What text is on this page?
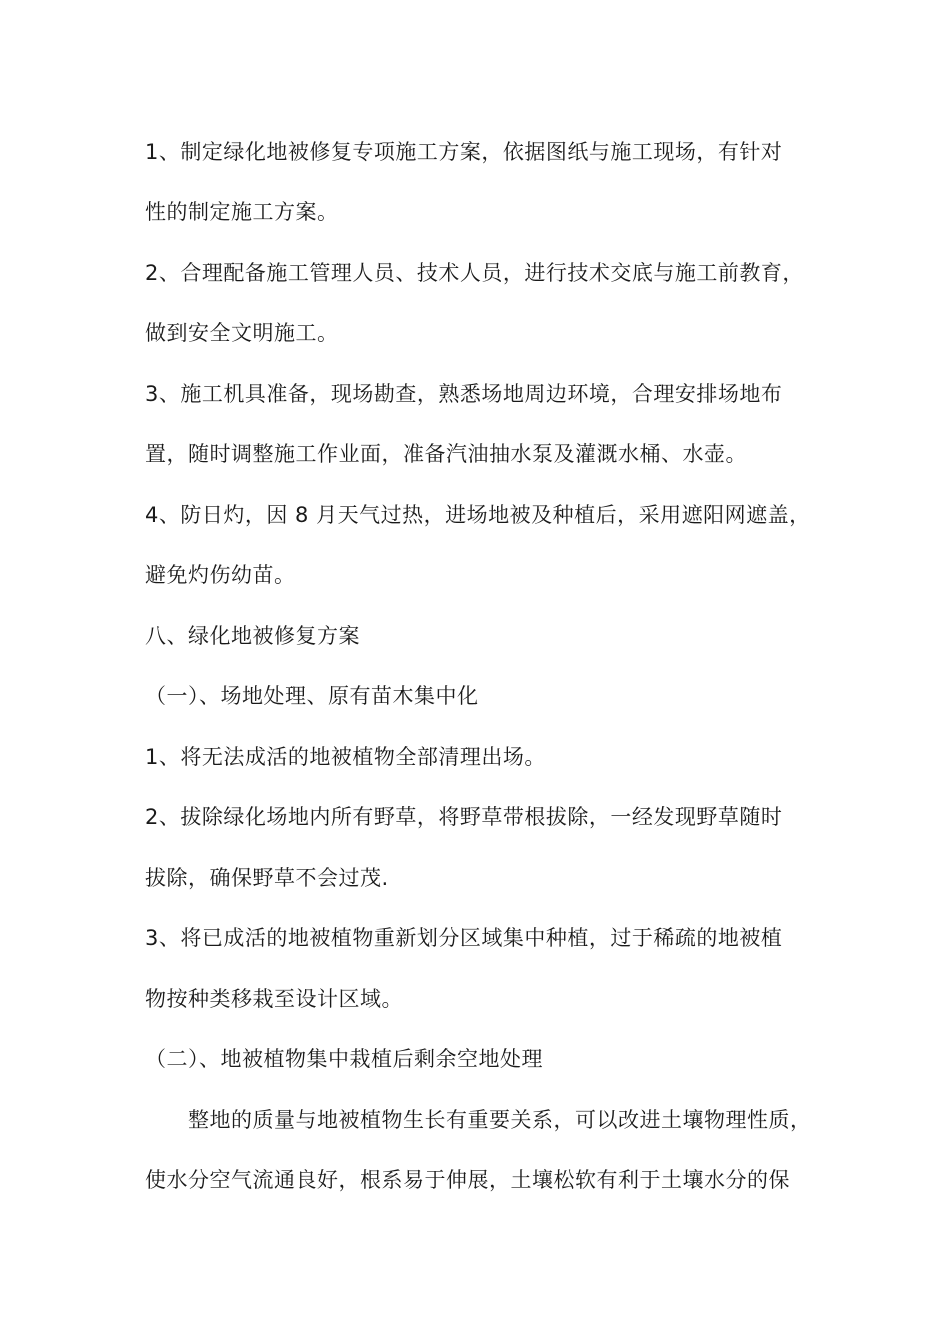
1、制定绿化地被修复专项施工方案，依据图纸与施工现场，有针对
性的制定施工方案。
2、合理配备施工管理人员、技术人员，进行技术交底与施工前教育，
做到安全文明施工。
3、施工机具准备，现场勘查，熟悉场地周边环境，合理安排场地布
置，随时调整施工作业面，准备汽油抽水泵及灌溉水桶、水壶。
4、防日灼，因 8 月天气过热，进场地被及种植后，采用遮阳网遮盖，
避免灼伤幼苗。
八、绿化地被修复方案
（一）、场地处理、原有苗木集中化
1、将无法成活的地被植物全部清理出场。
2、拔除绿化场地内所有野草，将野草带根拔除，一经发现野草随时
拔除，确保野草不会过茂.
3、将已成活的地被植物重新划分区域集中种植，过于稀疏的地被植
物按种类移栽至设计区域。
（二）、地被植物集中栽植后剩余空地处理
整地的质量与地被植物生长有重要关系，可以改进土壤物理性质，
使水分空气流通良好，根系易于伸展，土壤松软有利于土壤水分的保
